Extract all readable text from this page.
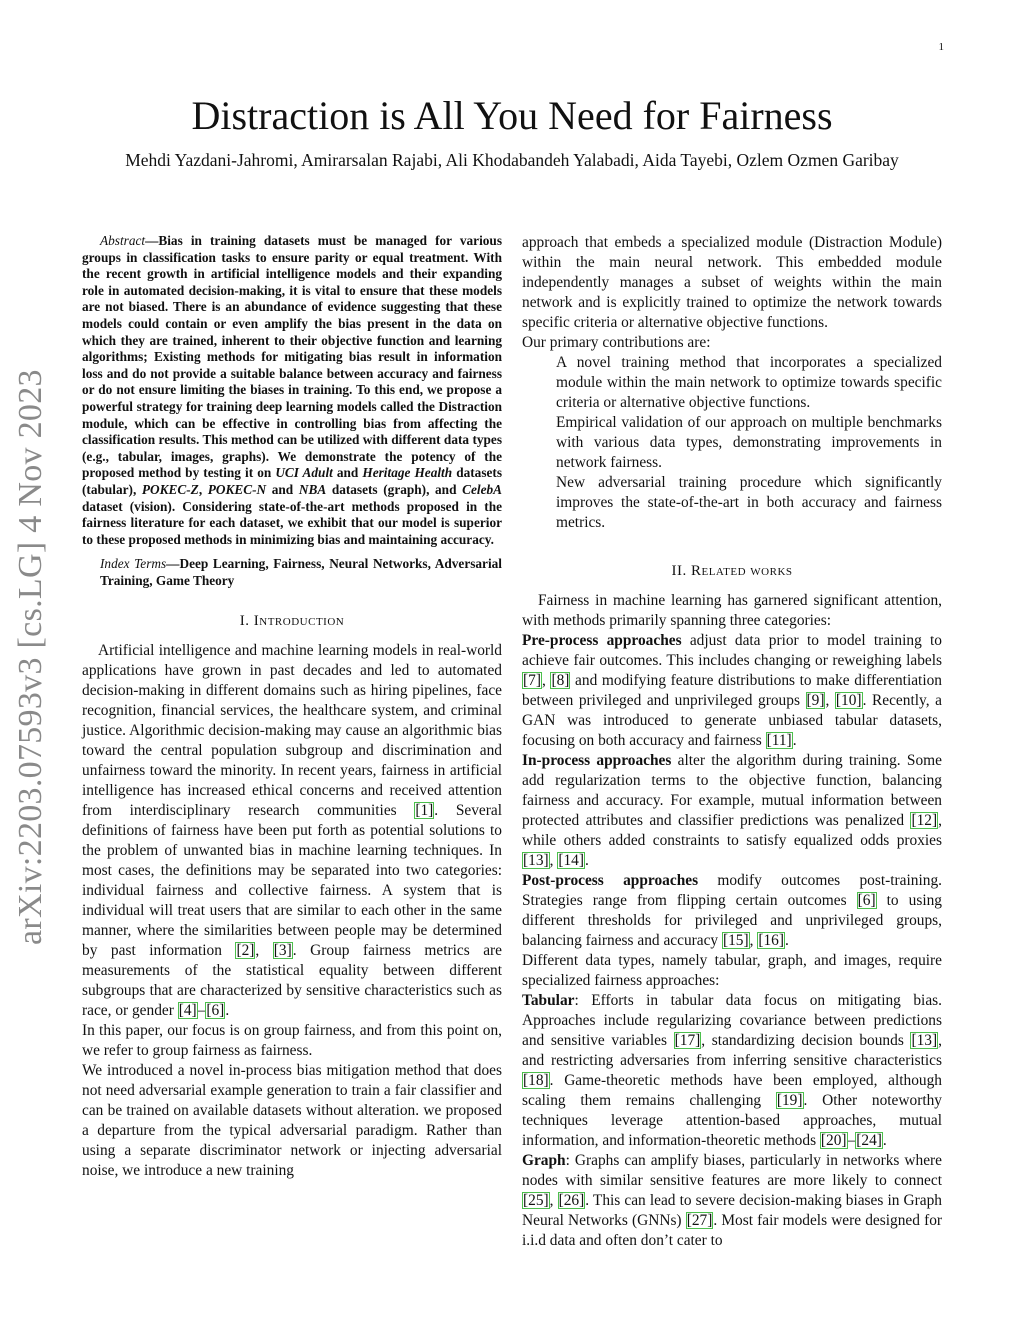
1
arXiv:2203.07593v3 [cs.LG] 4 Nov 2023
Distraction is All You Need for Fairness
Mehdi Yazdani-Jahromi, Amirarsalan Rajabi, Ali Khodabandeh Yalabadi, Aida Tayebi, Ozlem Ozmen Garibay

Abstract—Bias in training datasets must be managed for various groups in classification tasks to ensure parity or equal treatment. With the recent growth in artificial intelligence models and their expanding role in automated decision-making, it is vital to ensure that these models are not biased. There is an abundance of evidence suggesting that these models could contain or even amplify the bias present in the data on which they are trained, inherent to their objective function and learning algorithms; Existing methods for mitigating bias result in information loss and do not provide a suitable balance between accuracy and fairness or do not ensure limiting the biases in training. To this end, we propose a powerful strategy for training deep learning models called the Distraction module, which can be effective in controlling bias from affecting the classification results. This method can be utilized with different data types (e.g., tabular, images, graphs). We demonstrate the potency of the proposed method by testing it on UCI Adult and Heritage Health datasets (tabular), POKEC-Z, POKEC-N and NBA datasets (graph), and CelebA dataset (vision). Considering state-of-the-art methods proposed in the fairness literature for each dataset, we exhibit that our model is superior to these proposed methods in minimizing bias and maintaining accuracy.

Index Terms—Deep Learning, Fairness, Neural Networks, Adversarial Training, Game Theory

I. Introduction

Artificial intelligence and machine learning models in real-world applications have grown in past decades and led to automated decision-making in different domains such as hiring pipelines, face recognition, financial services, the healthcare system, and criminal justice. Algorithmic decision-making may cause an algorithmic bias toward the central population subgroup and discrimination and unfairness toward the minority. In recent years, fairness in artificial intelligence has increased ethical concerns and received attention from interdisciplinary research communities [1]. Several definitions of fairness have been put forth as potential solutions to the problem of unwanted bias in machine learning techniques. In most cases, the definitions may be separated into two categories: individual fairness and collective fairness. A system that is individual will treat users that are similar to each other in the same manner, where the similarities between people may be determined by past information [2], [3]. Group fairness metrics are measurements of the statistical equality between different subgroups that are characterized by sensitive characteristics such as race, or gender [4]–[6].

In this paper, our focus is on group fairness, and from this point on, we refer to group fairness as fairness.

We introduced a novel in-process bias mitigation method that does not need adversarial example generation to train a fair classifier and can be trained on available datasets without alteration. we proposed a departure from the typical adversarial paradigm. Rather than using a separate discriminator network or injecting adversarial noise, we introduce a new training

approach that embeds a specialized module (Distraction Module) within the main neural network. This embedded module independently manages a subset of weights within the main network and is explicitly trained to optimize the network towards specific criteria or alternative objective functions.

Our primary contributions are:

A novel training method that incorporates a specialized module within the main network to optimize towards specific criteria or alternative objective functions.
Empirical validation of our approach on multiple benchmarks with various data types, demonstrating improvements in network fairness.
New adversarial training procedure which significantly improves the state-of-the-art in both accuracy and fairness metrics.
II. Related works

Fairness in machine learning has garnered significant attention, with methods primarily spanning three categories:

Pre-process approaches adjust data prior to model training to achieve fair outcomes. This includes changing or reweighing labels [7], [8] and modifying feature distributions to make differentiation between privileged and unprivileged groups [9], [10]. Recently, a GAN was introduced to generate unbiased tabular datasets, focusing on both accuracy and fairness [11].

In-process approaches alter the algorithm during training. Some add regularization terms to the objective function, balancing fairness and accuracy. For example, mutual information between protected attributes and classifier predictions was penalized [12], while others added constraints to satisfy equalized odds proxies [13], [14].

Post-process approaches modify outcomes post-training. Strategies range from flipping certain outcomes [6] to using different thresholds for privileged and unprivileged groups, balancing fairness and accuracy [15], [16].

Different data types, namely tabular, graph, and images, require specialized fairness approaches:

Tabular: Efforts in tabular data focus on mitigating bias. Approaches include regularizing covariance between predictions and sensitive variables [17], standardizing decision bounds [13], and restricting adversaries from inferring sensitive characteristics [18]. Game-theoretic methods have been employed, although scaling them remains challenging [19]. Other noteworthy techniques leverage attention-based approaches, mutual information, and information-theoretic methods [20]–[24].

Graph: Graphs can amplify biases, particularly in networks where nodes with similar sensitive features are more likely to connect [25], [26]. This can lead to severe decision-making biases in Graph Neural Networks (GNNs) [27]. Most fair models were designed for i.i.d data and often don’t cater to
